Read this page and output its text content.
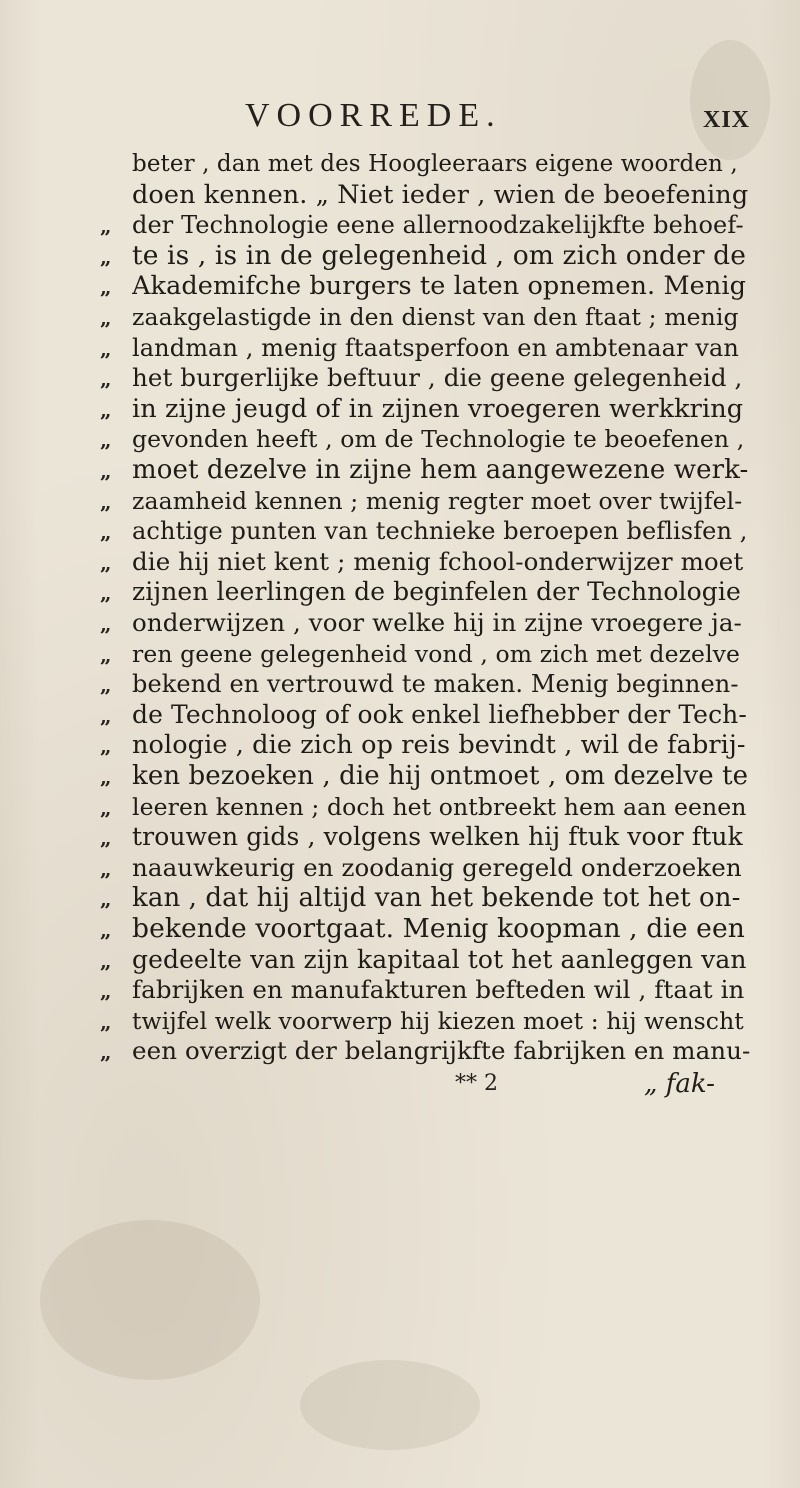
VOORREDE.	XIX
beter , dan met des Hoogleeraars eigene woorden ,
doen kennen. „ Niet ieder , wien de beoefening
„ der Technologie eene allernoodzakelijkfte behoef-
„ te is , is in de gelegenheid , om zich onder de
„ Akademifche burgers te laten opnemen. Menig
„ zaakgelastigde in den dienst van den ftaat ; menig
„ landman , menig ftaatsperfoon en ambtenaar van
„ het burgerlijke beftuur , die geene gelegenheid ,
„ in zijne jeugd of in zijnen vroegeren werkkring
„ gevonden heeft , om de Technologie te beoefenen ,
„ moet dezelve in zijne hem aangewezene werk-
„ zaamheid kennen ; menig regter moet over twijfel-
„ achtige punten van technieke beroepen beflisfen ,
„ die hij niet kent ; menig fchool-onderwijzer moet
„ zijnen leerlingen de beginfelen der Technologie
„ onderwijzen , voor welke hij in zijne vroegere ja-
„ ren geene gelegenheid vond , om zich met dezelve
„ bekend en vertrouwd te maken. Menig beginnen-
„ de Technoloog of ook enkel liefhebber der Tech-
„ nologie , die zich op reis bevindt , wil de fabrij-
„ ken bezoeken , die hij ontmoet , om dezelve te
„ leeren kennen ; doch het ontbreekt hem aan eenen
„ trouwen gids , volgens welken hij ftuk voor ftuk
„ naauwkeurig en zoodanig geregeld onderzoeken
„ kan , dat hij altijd van het bekende tot het on-
„ bekende voortgaat. Menig koopman , die een
„ gedeelte van zijn kapitaal tot het aanleggen van
„ fabrijken en manufakturen befteden wil , ftaat in
„ twijfel welk voorwerp hij kiezen moet : hij wenscht
„ een overzigt der belangrijkfte fabrijken en manu-
** 2	„ fak-
